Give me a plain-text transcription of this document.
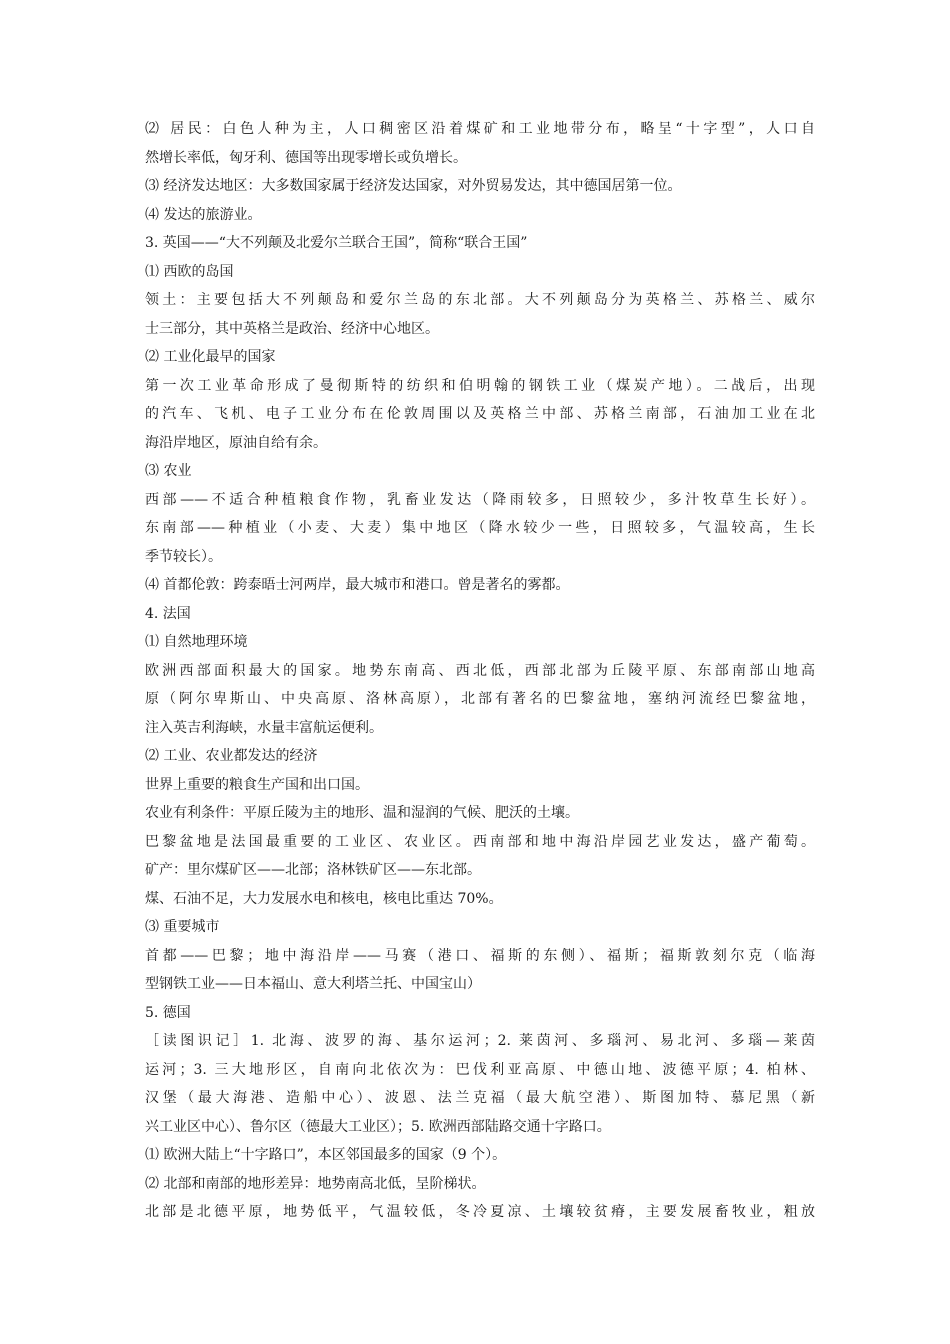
⑵ 居民：白色人种为主，人口稠密区沿着煤矿和工业地带分布，略呈“十字型”，人口自
然增长率低，匈牙利、德国等出现零增长或负增长。
⑶ 经济发达地区：大多数国家属于经济发达国家，对外贸易发达，其中德国居第一位。
⑷ 发达的旅游业。
3. 英国——“大不列颠及北爱尔兰联合王国”，简称“联合王国”
⑴ 西欧的岛国
领土：主要包括大不列颠岛和爱尔兰岛的东北部。大不列颠岛分为英格兰、苏格兰、威尔
士三部分，其中英格兰是政治、经济中心地区。
⑵ 工业化最早的国家
第一次工业革命形成了曼彻斯特的纺织和伯明翰的钢铁工业（煤炭产地）。二战后，出现
的汽车、飞机、电子工业分布在伦敦周围以及英格兰中部、苏格兰南部，石油加工业在北
海沿岸地区，原油自给有余。
⑶ 农业
西部——不适合种植粮食作物，乳畜业发达（降雨较多，日照较少，多汁牧草生长好）。
东南部——种植业（小麦、大麦）集中地区（降水较少一些，日照较多，气温较高，生长
季节较长）。
⑷ 首都伦敦：跨泰晤士河两岸，最大城市和港口。曾是著名的雾都。
4. 法国
⑴ 自然地理环境
欧洲西部面积最大的国家。地势东南高、西北低，西部北部为丘陵平原、东部南部山地高
原（阿尔卑斯山、中央高原、洛林高原），北部有著名的巴黎盆地，塞纳河流经巴黎盆地，
注入英吉利海峡，水量丰富航运便利。
⑵ 工业、农业都发达的经济
世界上重要的粮食生产国和出口国。
农业有利条件：平原丘陵为主的地形、温和湿润的气候、肥沃的土壤。
巴黎盆地是法国最重要的工业区、农业区。西南部和地中海沿岸园艺业发达，盛产葡萄。
矿产：里尔煤矿区——北部；洛林铁矿区——东北部。
煤、石油不足，大力发展水电和核电，核电比重达 70%。
⑶ 重要城市
首都——巴黎；地中海沿岸——马赛（港口、福斯的东侧）、福斯；福斯敦刻尔克（临海
型钢铁工业——日本福山、意大利塔兰托、中国宝山）
5. 德国
［读图识记］1. 北海、波罗的海、基尔运河；2. 莱茵河、多瑙河、易北河、多瑙—莱茵
运河；3. 三大地形区，自南向北依次为：巴伐利亚高原、中德山地、波德平原；4. 柏林、
汉堡（最大海港、造船中心）、波恩、法兰克福（最大航空港）、斯图加特、慕尼黑（新
兴工业区中心）、鲁尔区（德最大工业区）；5. 欧洲西部陆路交通十字路口。
⑴ 欧洲大陆上“十字路口”，本区邻国最多的国家（9 个）。
⑵ 北部和南部的地形差异：地势南高北低，呈阶梯状。
北部是北德平原，地势低平，气温较低，冬冷夏凉、土壤较贫瘠，主要发展畜牧业，粗放
